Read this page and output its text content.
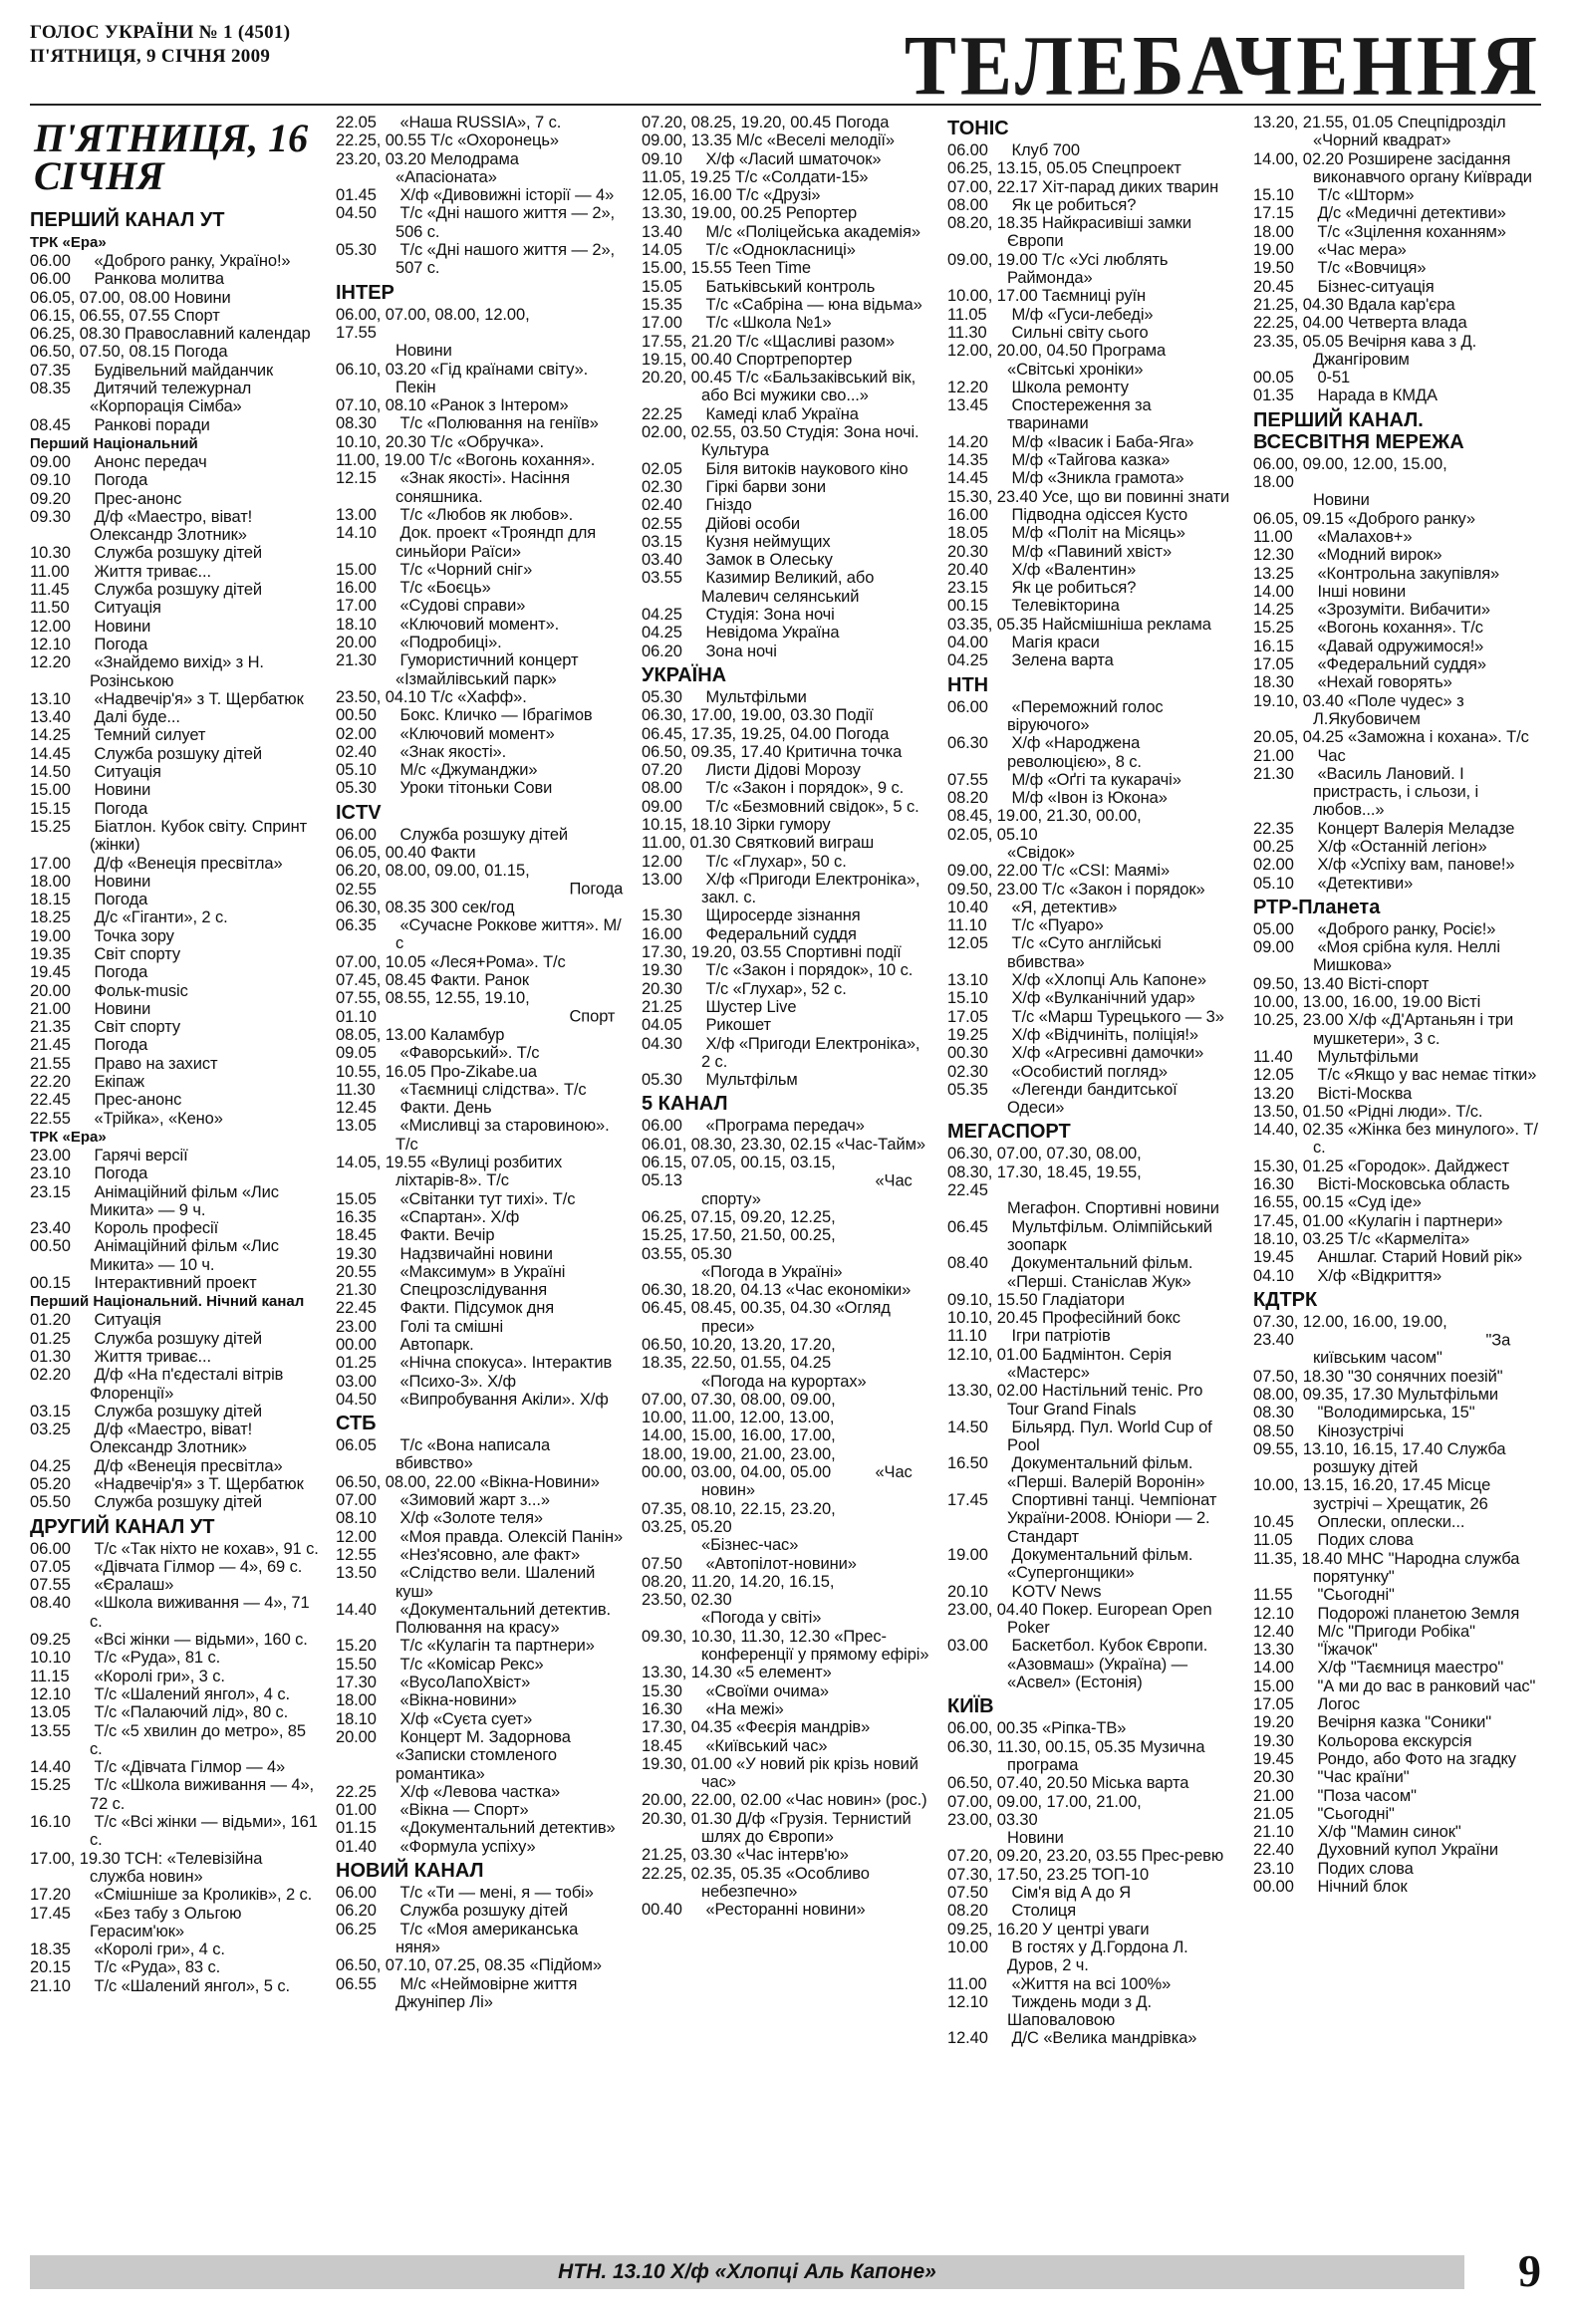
ГОЛОС УКРАЇНИ № 1 (4501)
П'ЯТНИЦЯ, 9 СІЧНЯ 2009	ТЕЛЕБАЧЕННЯ
П'ЯТНИЦЯ, 16 СІЧНЯ
ПЕРШИЙ КАНАЛ УТ
ТРК «Ера»
06.00 «Доброго ранку, Україно!»
06.00 Ранкова молитва
06.05, 07.00, 08.00 Новини
06.15, 06.55, 07.55 Спорт
06.25, 08.30 Православний календар
06.50, 07.50, 08.15 Погода
07.35 Будівельний майданчик
08.35 Дитячий тележурнал «Корпорація Сімба»
08.45 Ранкові поради
Перший Національний
09.00 Анонс передач
09.10 Погода
09.20 Прес-анонс
09.30 Д/ф «Маестро, віват! Олександр Злотник»
10.30 Служба розшуку дітей
11.00 Життя триває...
11.45 Служба розшуку дітей
11.50 Ситуація
12.00 Новини
12.10 Погода
12.20 «Знайдемо вихід» з Н. Розінською
13.10 «Надвечір'я» з Т. Щербатюк
13.40 Далі буде...
14.25 Темний силует
14.45 Служба розшуку дітей
14.50 Ситуація
15.00 Новини
15.15 Погода
15.25 Біатлон. Кубок світу. Спринт (жінки)
17.00 Д/ф «Венеція пресвітла»
18.00 Новини
18.15 Погода
18.25 Д/с «Гіганти», 2 с.
19.00 Точка зору
19.35 Світ спорту
19.45 Погода
20.00 Фольк-music
21.00 Новини
21.35 Світ спорту
21.45 Погода
21.55 Право на захист
22.20 Екіпаж
22.45 Прес-анонс
22.55 «Трійка», «Кено»
ТРК «Ера»
23.00 Гарячі версії
23.10 Погода
23.15 Анімаційний фільм «Лис Микита» — 9 ч.
23.40 Король професії
00.50 Анімаційний фільм «Лис Микита» — 10 ч.
00.15 Інтерактивний проект
Перший Національний. Нічний канал
01.20 Ситуація
01.25 Служба розшуку дітей
01.30 Життя триває...
02.20 Д/ф «На п'єдесталі вітрів Флоренції»
03.15 Служба розшуку дітей
03.25 Д/ф «Маестро, віват! Олександр Злотник»
04.25 Д/ф «Венеція пресвітла»
05.20 «Надвечір'я» з Т. Щербатюк
05.50 Служба розшуку дітей
ДРУГИЙ КАНАЛ УТ
06.00 Т/с «Так ніхто не кохав», 91 с.
07.05 «Дівчата Гілмор — 4», 69 с.
07.55 «Єралаш»
08.40 «Школа виживання — 4», 71 с.
09.25 «Всі жінки — відьми», 160 с.
10.10 Т/с «Руда», 81 с.
11.15 «Королі гри», 3 с.
12.10 Т/с «Шалений янгол», 4 с.
13.05 Т/с «Палаючий лід», 80 с.
13.55 Т/с «5 хвилин до метро», 85 с.
14.40 Т/с «Дівчата Гілмор — 4»
15.25 Т/с «Школа виживання — 4», 72 с.
16.10 Т/с «Всі жінки — відьми», 161 с.
17.00, 19.30 ТСН: «Телевізійна служба новин»
17.20 «Смішніше за Кроликів», 2 с.
17.45 «Без табу з Ольгою Герасим'юк»
18.35 «Королі гри», 4 с.
20.15 Т/с «Руда», 83 с.
21.10 Т/с «Шалений янгол», 5 с.
22.05 «Наша RUSSIA», 7 с.
22.25, 00.55 Т/с «Охоронець»
23.20, 03.20 Мелодрама «Апасіоната»
01.45 Х/ф «Дивовижні історії — 4»
04.50 Т/с «Дні нашого життя — 2», 506 с.
05.30 Т/с «Дні нашого життя — 2», 507 с.
ІНТЕР
06.00, 07.00, 08.00, 12.00, 17.55 Новини
06.10, 03.20 «Гід країнами світу». Пекін
07.10, 08.10 «Ранок з Інтером»
08.30 Т/с «Полювання на геніїв»
10.10, 20.30 Т/с «Обручка».
11.00, 19.00 Т/с «Вогонь кохання».
12.15 «Знак якості». Насіння соняшника.
13.00 Т/с «Любов як любов».
14.10 Док. проект «Трояндп для синьйори Раїси»
15.00 Т/с «Чорний сніг»
16.00 Т/с «Боєць»
17.00 «Судові справи»
18.10 «Ключовий момент».
20.00 «Подробиці».
21.30 Гумористичний концерт «Ізмайлівський парк»
23.50, 04.10 Т/с «Хафф».
00.50 Бокс. Кличко — Ібрагімов
02.00 «Ключовий момент»
02.40 «Знак якості».
05.10 М/с «Джуманджи»
05.30 Уроки тітоньки Сови
ICTV
06.00 Служба розшуку дітей
06.05, 00.40 Факти
06.20, 08.00, 09.00, 01.15, 02.55	Погода
06.30, 08.35 300 сек/год
06.35 «Сучасне Роккове життя». М/с
07.00, 10.05 «Леся+Рома». Т/с
07.45, 08.45 Факти. Ранок
07.55, 08.55, 12.55, 19.10, 01.10	Спорт
08.05, 13.00 Каламбур
09.05 «Фаворський». Т/с
10.55, 16.05 Про-Zikabe.ua
11.30 «Таємниці слідства». Т/с
12.45 Факти. День
13.05 «Мисливці за старовиною». Т/с
14.05, 19.55 «Вулиці розбитих ліхтарів-8». Т/с
15.05 «Світанки тут тихі». Т/с
16.35 «Спартан». Х/ф
18.45 Факти. Вечір
19.30 Надзвичайні новини
20.55 «Максимум» в Україні
21.30 Спецрозслідування
22.45 Факти. Підсумок дня
23.00 Голі та смішні
00.00 Автопарк.
01.25 «Нічна спокуса». Інтерактив
03.00 «Психо-3». Х/ф
04.50 «Випробування Акіли». Х/ф
СТБ
06.05 Т/с «Вона написала вбивство»
06.50, 08.00, 22.00 «Вікна-Новини»
07.00 «Зимовий жарт з...»
08.10 Х/ф «Золоте теля»
12.00 «Моя правда. Олексій Панін»
12.55 «Нез'ясовно, але факт»
13.50 «Слідство вели. Шалений куш»
14.40 «Документальний детектив. Полювання на красу»
15.20 Т/с «Кулагін та партнери»
15.50 Т/с «Комісар Рекс»
17.30 «ВусоЛапоХвіст»
18.00 «Вікна-новини»
18.10 Х/ф «Суєта сует»
20.00 Концерт М. Задорнова «Записки стомленого романтика»
22.25 Х/ф «Левова частка»
01.00 «Вікна — Спорт»
01.15 «Документальний детектив»
01.40 «Формула успіху»
НОВИЙ КАНАЛ
06.00 Т/с «Ти — мені, я — тобі»
06.20 Служба розшуку дітей
06.25 Т/с «Моя американська няня»
06.50, 07.10, 07.25, 08.35 «Підйом»
06.55 М/с «Неймовірне життя Джуніпер Лі»
07.20, 08.25, 19.20, 00.45 Погода
09.00, 13.35 М/с «Веселі мелодії»
09.10 Х/ф «Ласий шматочок»
11.05, 19.25 Т/с «Солдати-15»
12.05, 16.00 Т/с «Друзі»
13.30, 19.00, 00.25 Репортер
13.40 М/с «Поліцейська академія»
14.05 Т/с «Однокласниці»
15.00, 15.55 Teen Time
15.05 Батьківський контроль
15.35 Т/с «Сабріна — юна відьма»
17.00 Т/с «Школа №1»
17.55, 21.20 Т/с «Щасливі разом»
19.15, 00.40 Спортрепортер
20.20, 00.45 Т/с «Бальзаківський вік, або Всі мужики сво...»
22.25 Камеді клаб Україна
02.00, 02.55, 03.50 Студія: Зона ночі. Культура
02.05 Біля витоків наукового кіно
02.30 Гіркі барви зони
02.40 Гніздо
02.55 Дійові особи
03.15 Кузня неймущих
03.40 Замок в Олеську
03.55 Казимир Великий, або Малевич селянський
04.25 Студія: Зона ночі
04.25 Невідома Україна
06.20 Зона ночі
УКРАЇНА
05.30 Мультфільми
06.30, 17.00, 19.00, 03.30 Події
06.45, 17.35, 19.25, 04.00 Погода
06.50, 09.35, 17.40 Критична точка
07.20 Листи Дідові Морозу
08.00 Т/с «Закон і порядок», 9 с.
09.00 Т/с «Безмовний свідок», 5 с.
10.15, 18.10 Зірки гумору
11.00, 01.30 Святковий виграш
12.00 Т/с «Глухар», 50 с.
13.00 Х/ф «Пригоди Електроніка», закл. с.
15.30 Щиросерде зізнання
16.00 Федеральний суддя
17.30, 19.20, 03.55 Спортивні події
19.30 Т/с «Закон і порядок», 10 с.
20.30 Т/с «Глухар», 52 с.
21.25 Шустер Live
04.05 Рикошет
04.30 Х/ф «Пригоди Електроніка», 2 с.
05.30 Мультфільм
5 КАНАЛ
06.00 «Програма передач»
06.01, 08.30, 23.30, 02.15 «Час-Тайм»
06.15, 07.05, 00.15, 03.15, 05.13	«Час спорту»
06.25, 07.15, 09.20, 12.25, 15.25, 17.50, 21.50, 00.25, 03.55, 05.30 «Погода в Україні»
06.30, 18.20, 04.13 «Час економіки»
06.45, 08.45, 00.35, 04.30 «Огляд преси»
06.50, 10.20, 13.20, 17.20, 18.35, 22.50, 01.55, 04.25 «Погода на курортах»
07.00, 07.30, 08.00, 09.00, 10.00, 11.00, 12.00, 13.00, 14.00, 15.00, 16.00, 17.00, 18.00, 19.00, 21.00, 23.00, 00.00, 03.00, 04.00, 05.00	«Час новин»
07.35, 08.10, 22.15, 23.20, 03.25, 05.20 «Бізнес-час»
07.50 «Автопілот-новини»
08.20, 11.20, 14.20, 16.15, 23.50, 02.30 «Погода у світі»
09.30, 10.30, 11.30, 12.30 «Прес-конференції у прямому ефірі»
13.30, 14.30 «5 елемент»
15.30 «Своїми очима»
16.30 «На межі»
17.30, 04.35 «Феєрія мандрів»
18.45 «Київський час»
19.30, 01.00 «У новий рік крізь новий час»
20.00, 22.00, 02.00 «Час новин» (рос.)
20.30, 01.30 Д/ф «Грузія. Тернистий шлях до Європи»
21.25, 03.30 «Час інтерв'ю»
22.25, 02.35, 05.35 «Особливо небезпечно»
00.40 «Ресторанні новини»
ТОНІС
06.00 Клуб 700
06.25, 13.15, 05.05 Спецпроект
07.00, 22.17 Хіт-парад диких тварин
08.00 Як це робиться?
08.20, 18.35 Найкрасивіші замки Європи
09.00, 19.00 Т/с «Усі люблять Раймонда»
10.00, 17.00 Таємниці руїн
11.05 М/ф «Гуси-лебеді»
11.30 Сильні світу сього
12.00, 20.00, 04.50 Програма «Світські хроніки»
12.20 Школа ремонту
13.45 Спостереження за тваринами
14.20 М/ф «Івасик і Баба-Яга»
14.35 М/ф «Тайгова казка»
14.45 М/ф «Зникла грамота»
15.30, 23.40 Усе, що ви повинні знати
16.00 Підводна одіссея Кусто
18.05 М/ф «Політ на Місяць»
20.30 М/ф «Павиний хвіст»
20.40 Х/ф «Валентин»
23.15 Як це робиться?
00.15 Телевікторина
03.35, 05.35 Найсмішніша реклама
04.00 Магія краси
04.25 Зелена варта
НТН
06.00 «Переможний голос віруючого»
06.30 Х/ф «Народжена революцією», 8 с.
07.55 М/ф «Оґгі та кукарачі»
08.20 М/ф «Івон із Юкона»
08.45, 19.00, 21.30, 00.00, 02.05, 05.10 «Свідок»
09.00, 22.00 Т/с «CSI: Маямі»
09.50, 23.00 Т/с «Закон і порядок»
10.40 «Я, детектив»
11.10 Т/с «Пуаро»
12.05 Т/с «Суто англійські вбивства»
13.10 Х/ф «Хлопці Аль Капоне»
15.10 Х/ф «Вулканічний удар»
17.05 Т/с «Марш Турецького — 3»
19.25 Х/ф «Відчиніть, поліція!»
00.30 Х/ф «Агресивні дамочки»
02.30 «Особистий погляд»
05.35 «Легенди бандитської Одеси»
МЕГАСПОРТ
06.30, 07.00, 07.30, 08.00, 08.30, 17.30, 18.45, 19.55, 22.45 Мегафон. Спортивні новини
06.45 Мультфільм. Олімпійський зоопарк
08.40 Документальний фільм. «Перші. Станіслав Жук»
09.10, 15.50 Гладіатори
10.10, 20.45 Професійний бокс
11.10 Ігри патріотів
12.10, 01.00 Бадмінтон. Серія «Мастерс»
13.30, 02.00 Настільний теніс. Pro Tour Grand Finals
14.50 Більярд. Пул. World Cup of Pool
16.50 Документальний фільм. «Перші. Валерій Воронін»
17.45 Спортивні танці. Чемпіонат України-2008. Юніори — 2. Стандарт
19.00 Документальний фільм. «Супергонщики»
20.10 KOTV News
23.00, 04.40 Покер. European Open Poker
03.00 Баскетбол. Кубок Європи. «Азовмаш» (Україна) — «Асвел» (Естонія)
КИЇВ
06.00, 00.35 «Ріпка-ТВ»
06.30, 11.30, 00.15, 05.35 Музична програма
06.50, 07.40, 20.50 Міська варта
07.00, 09.00, 17.00, 21.00, 23.00, 03.30 Новини
07.20, 09.20, 23.20, 03.55 Прес-ревю
07.30, 17.50, 23.25 ТОП-10
07.50 Сім'я від А до Я
08.20 Столиця
09.25, 16.20 У центрі уваги
10.00 В гостях у Д.Гордона Л. Дуров, 2 ч.
11.00 «Життя на всі 100%»
12.10 Тиждень моди з Д. Шаповаловою
12.40 Д/С «Велика мандрівка»
13.20, 21.55, 01.05 Спецпідрозділ «Чорний квадрат»
14.00, 02.20 Розширене засідання виконавчого органу Київради
15.10 Т/с «Шторм»
17.15 Д/с «Медичні детективи»
18.00 Т/с «Зцілення коханням»
19.00 «Час мера»
19.50 Т/с «Вовчиця»
20.45 Бізнес-ситуація
21.25, 04.30 Вдала кар'єра
22.25, 04.00 Четверта влада
23.35, 05.05 Вечірня кава з Д. Джангіровим
00.05 0-51
01.35 Нарада в КМДА
ПЕРШИЙ КАНАЛ. ВСЕСВІТНЯ МЕРЕЖА
06.00, 09.00, 12.00, 15.00, 18.00 Новини
06.05, 09.15 «Доброго ранку»
11.00 «Малахов+»
12.30 «Модний вирок»
13.25 «Контрольна закупівля»
14.00 Інші новини
14.25 «Зрозуміти. Вибачити»
15.25 «Вогонь кохання». Т/с
16.15 «Давай одружимося!»
17.05 «Федеральний суддя»
18.30 «Нехай говорять»
19.10, 03.40 «Поле чудес» з Л.Якубовичем
20.05, 04.25 «Заможна і кохана». Т/с
21.00 Час
21.30 «Василь Лановий. І пристрасть, і сльози, і любов...»
22.35 Концерт Валерія Меладзе
00.25 Х/ф «Останній легіон»
02.00 Х/ф «Успіху вам, панове!»
05.10 «Детективи»
РТР-Планета
05.00 «Доброго ранку, Росіє!»
09.00 «Моя срібна куля. Неллі Мишкова»
09.50, 13.40 Вісті-спорт
10.00, 13.00, 16.00, 19.00 Вісті
10.25, 23.00 Х/ф «Д'Артаньян і три мушкетери», 3 с.
11.40 Мультфільми
12.05 Т/с «Якщо у вас немає тітки»
13.20 Вісті-Москва
13.50, 01.50 «Рідні люди». Т/с.
14.40, 02.35 «Жінка без минулого». Т/с.
15.30, 01.25 «Городок». Дайджест
16.30 Вісті-Московська область
16.55, 00.15 «Суд іде»
17.45, 01.00 «Кулагін і партнери»
18.10, 03.25 Т/с «Кармеліта»
19.45 Аншлаг. Старий Новий рік»
04.10 Х/ф «Відкриття»
КДТРК
07.30, 12.00, 16.00, 19.00, 23.40	"За київським часом"
07.50, 18.30 "30 сонячних поезій"
08.00, 09.35, 17.30 Мультфільми
08.30 "Володимирська, 15"
08.50 Кінозустрічі
09.55, 13.10, 16.15, 17.40 Служба розшуку дітей
10.00, 13.15, 16.20, 17.45 Місце зустрічі – Хрещатик, 26
10.45 Оплески, оплески...
11.05 Подих слова
11.35, 18.40 МНС "Народна служба порятунку"
11.55 "Сьогодні"
12.10 Подорожі планетою Земля
12.40 М/с "Пригоди Робіка"
13.30 "Їжачок"
14.00 Х/ф "Таємниця маестро"
15.00 "А ми до вас в ранковий час"
17.05 Логос
19.20 Вечірня казка "Соники"
19.30 Кольорова екскурсія
19.45 Рондо, або Фото на згадку
20.30 "Час країни"
21.00 "Поза часом"
21.05 "Сьогодні"
21.10 Х/ф "Мамин синок"
22.40 Духовний купол України
23.10 Подих слова
00.00 Нічний блок
НТН. 13.10 Х/ф «Хлопці Аль Капоне»	9
